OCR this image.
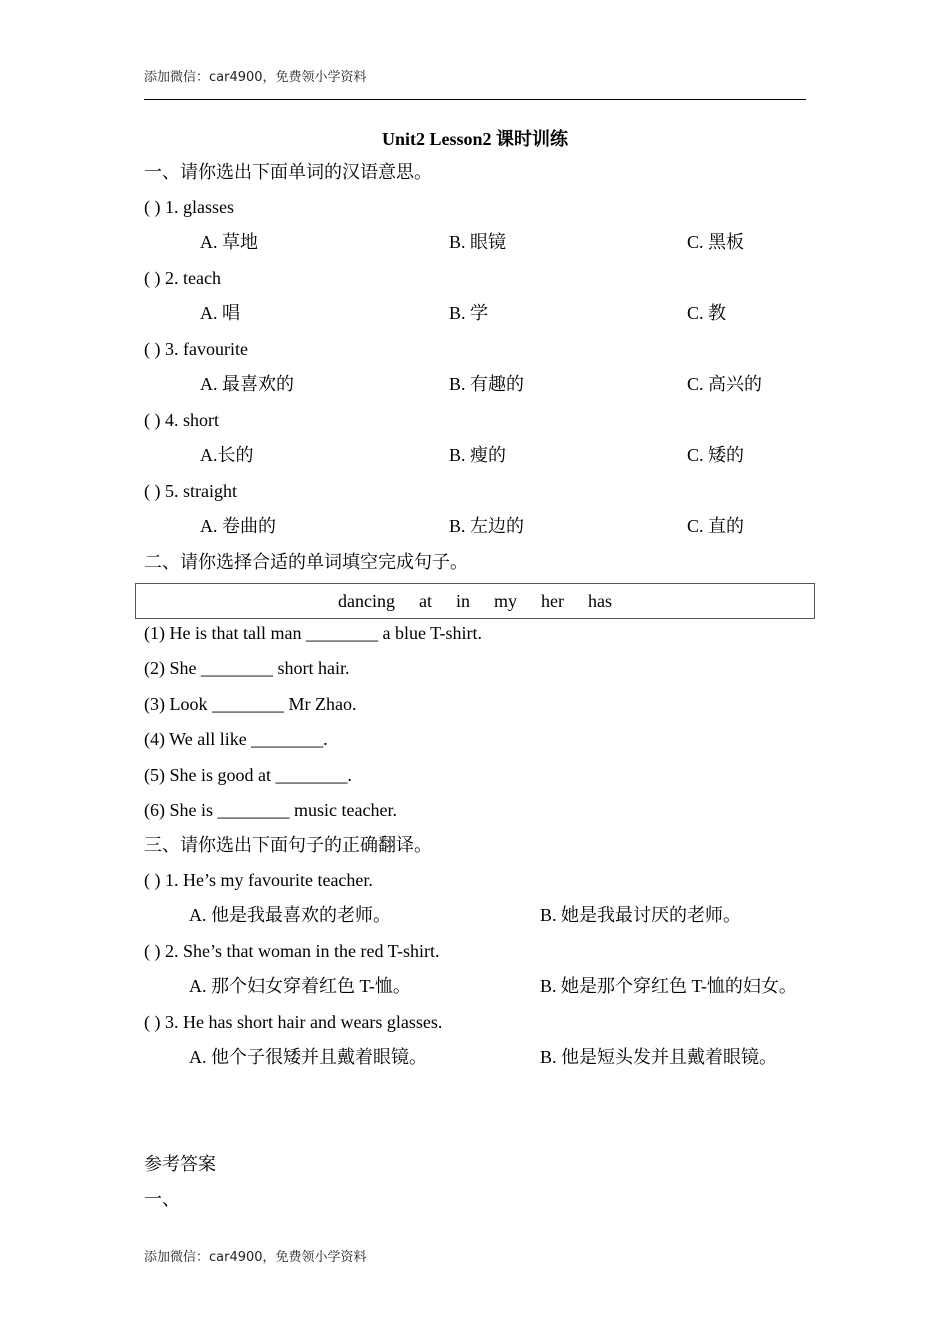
添加微信：car4900，免费领小学资料
Unit2 Lesson2 课时训练
一、请你选出下面单词的汉语意思。
( ) 1. glasses
A. 草地	B. 眼镜	C. 黑板
( ) 2. teach
A. 唱	B. 学	C. 教
( ) 3. favourite
A. 最喜欢的	B. 有趣的	C. 高兴的
( ) 4. short
A.长的	B. 瘦的	C. 矮的
( ) 5. straight
A. 卷曲的	B. 左边的	C. 直的
二、请你选择合适的单词填空完成句子。
dancing at in my her has
(1) He is that tall man ________ a blue T-shirt.
(2) She ________ short hair.
(3) Look ________ Mr Zhao.
(4) We all like ________.
(5) She is good at ________.
(6) She is ________ music teacher.
三、请你选出下面句子的正确翻译。
( ) 1. He’s my favourite teacher.
A. 他是我最喜欢的老师。	B. 她是我最讨厌的老师。
( ) 2. She’s that woman in the red T-shirt.
A. 那个妇女穿着红色 T-恤。	B. 她是那个穿红色 T-恤的妇女。
( ) 3. He has short hair and wears glasses.
A. 他个子很矮并且戴着眼镜。	B. 他是短头发并且戴着眼镜。
参考答案
一、
添加微信：car4900，免费领小学资料
